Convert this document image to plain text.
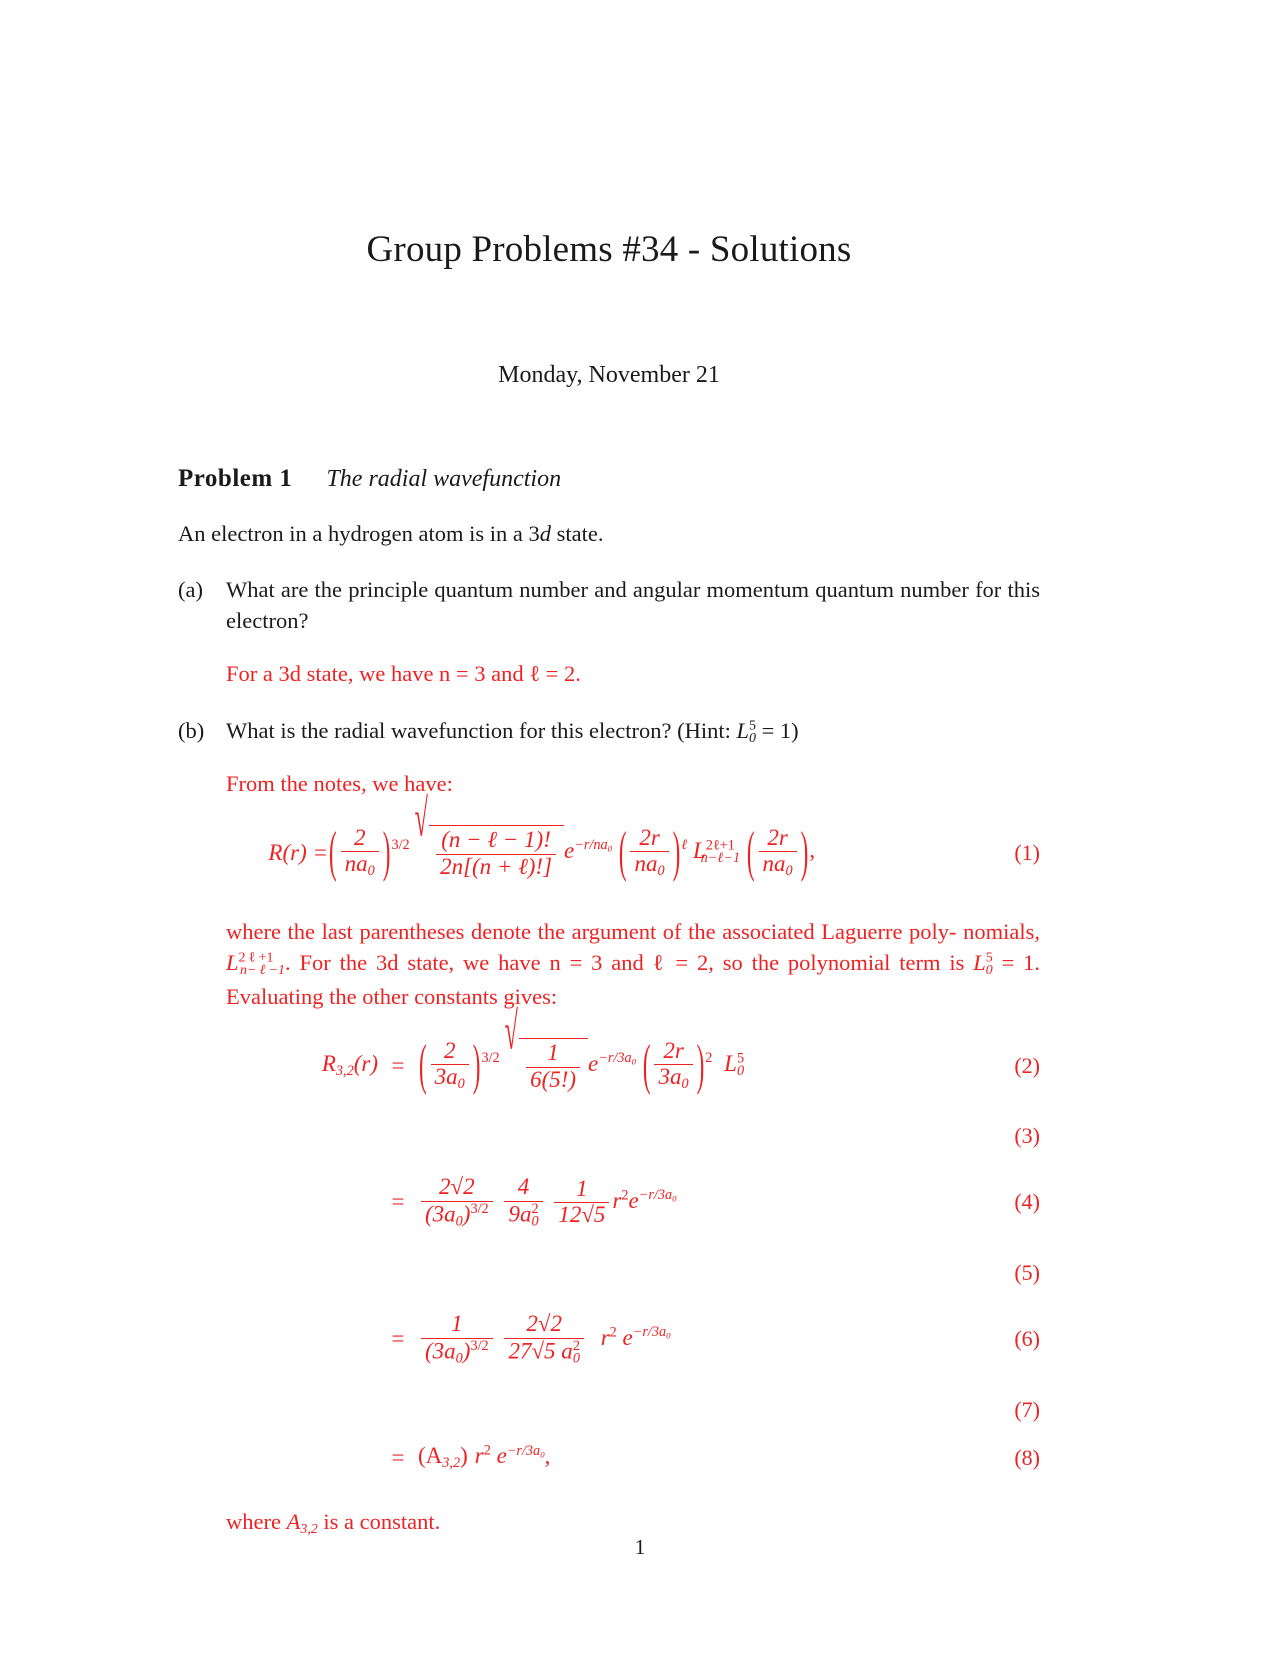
Group Problems #34 - Solutions
Monday, November 21
Problem 1 The radial wavefunction
An electron in a hydrogen atom is in a 3d state.
(a)	What are the principle quantum number and angular momentum quantum number for this electron?
For a 3d state, we have n = 3 and ℓ = 2.
(b) What is the radial wavefunction for this electron? (Hint: $L^5_0 = 1$)
From the notes, we have:
R(r) = ( $\frac{2}{na_0}$ ) $^{3/2}$ √
$\frac{\text{(n − ℓ − 1)!}}{\text{2n[(n + ℓ)!]}} e^{-r/na_0}$ ( $\frac{2r}{na_0}$ ) $^\ell$ $L^{2\ell+1}_{n-\ell-1}$ ( $\frac{2r}{na_0}$ ) ,	(1)
where the last parentheses denote the argument of the associated Laguerre poly- nomials, $L^{2\ell+1}_{n-\ell-1}$. For the 3d state, we have n = 3 and ℓ = 2, so the polynomial term is $L^5_0 = 1$. Evaluating the other constants gives:
$R_{3,2}(r)$ = ( $\frac{2}{3a_0}$ ) $^{3/2}$ √
$\frac{1}{6(5!)} e^{-r/3a_0}$ ( $\frac{2r}{3a_0}$ ) $^2$ $L^5_0$	(2)
(3)
= $\frac{2√2}{(3a_0)^{3/2}}$
$\frac{4}{9a_0^2}$
$\frac{1}{12√5} r^2e^{-r/3a_0}$	(4)
(5)
= $\frac{1}{(3a_0)^{3/2}}$
$\frac{2√2}{27√5 a_0^2} r^2$ $e^{-r/3a_0}$	(6)
(7)
= $(A_{3,2})$ $r^2$ $e^{-r/3a_0}$,	(8)
where $A_{3,2}$ is a constant.
1
